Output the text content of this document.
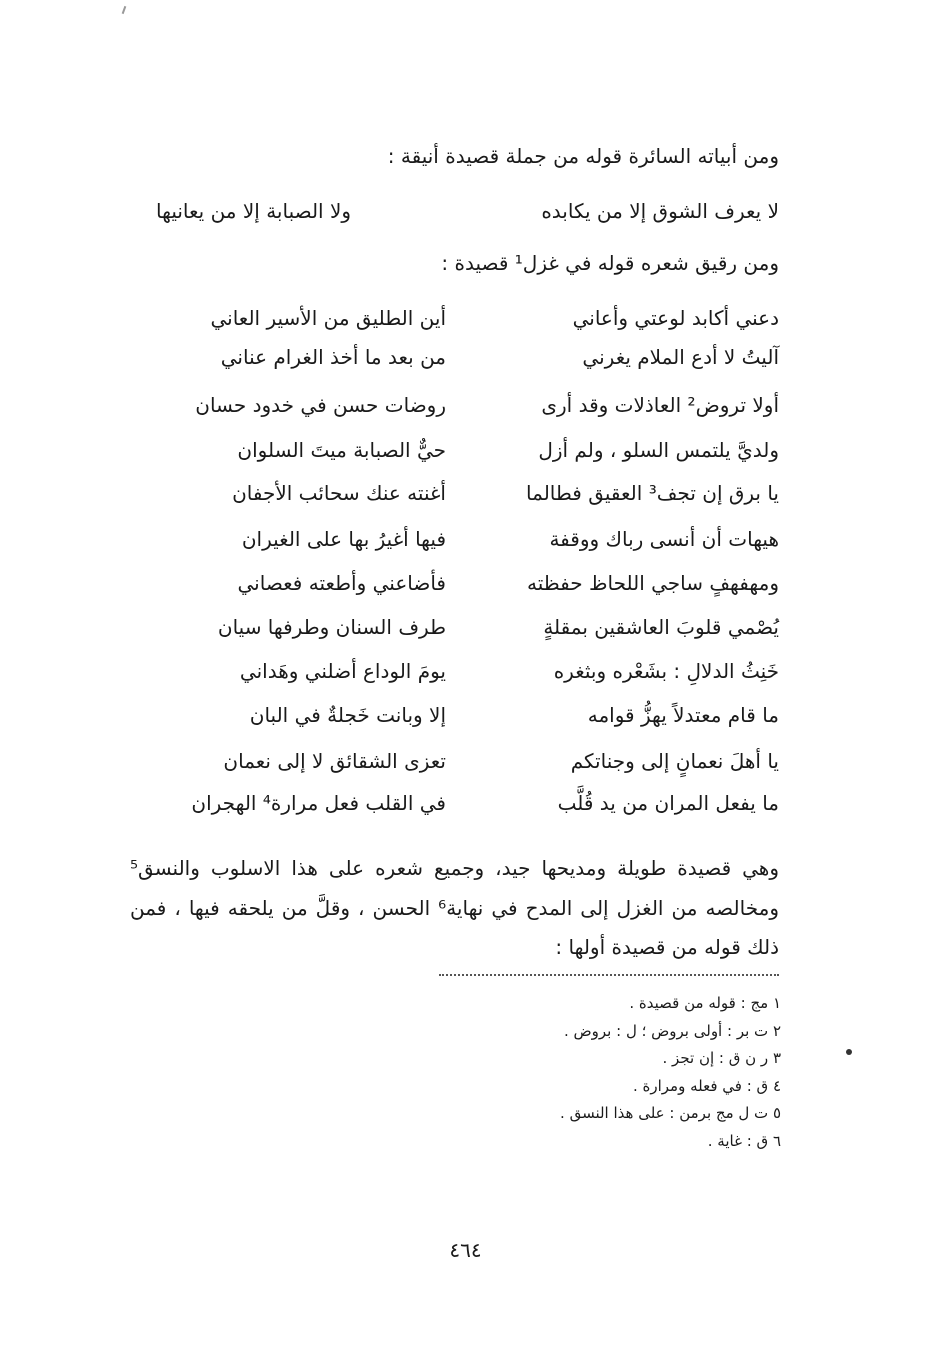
ومن أبياته السائرة قوله من جملة قصيدة أنيقة :
لا يعرف الشوق إلا من يكابده
ولا الصبابة إلا من يعانيها
ومن رقيق شعره قوله في غزل¹ قصيدة :
دعني أكابد لوعتي وأعاني
أين الطليق من الأسير العاني
آليتُ لا أدع الملام يغرني
من بعد ما أخذ الغرام عناني
أولا تروض² العاذلات وقد أرى
روضات حسن في خدود حسان
ولديَّ يلتمس السلو ، ولم أزل
حيٌّ الصبابة ميتَ السلوان
يا برق إن تجف³ العقيق فطالما
أغنته عنك سحائب الأجفان
هيهات أن أنسى رباك ووقفة
فيها أغيرُ بها على الغيران
ومهفهفٍ ساجي اللحاظ حفظته
فأضاعني وأطعته فعصاني
يُصْمي قلوبَ العاشقين بمقلةٍ
طرف السنان وطرفها سيان
خَنِثُ الدلالِ : بشَعْره وبثغره
يومَ الوداع أضلني وهَداني
ما قام معتدلاً يهزُّ قوامه
إلا وبانت خَجلةٌ في البان
يا أهلَ نعمانٍ إلى وجناتكم
تعزى الشقائق لا إلى نعمان
ما يفعل المران من يد قُلَّب
في القلب فعل مرارة⁴ الهجران
وهي قصيدة طويلة ومديحها جيد، وجميع شعره على هذا الاسلوب والنسق⁵
ومخالصه من الغزل إلى المدح في نهاية⁶ الحسن ، وقلَّ من يلحقه فيها ، فمن
ذلك قوله من قصيدة أولها :
١ مج : قوله من قصيدة .
٢ ت بر : أولى بروض ؛ ل : بروض .
٣ ر ن ق : إن تجز .
٤ ق : في فعله ومرارة .
٥ ت ل مج برمن : على هذا النسق .
٦ ق : غاية .
٤٦٤
